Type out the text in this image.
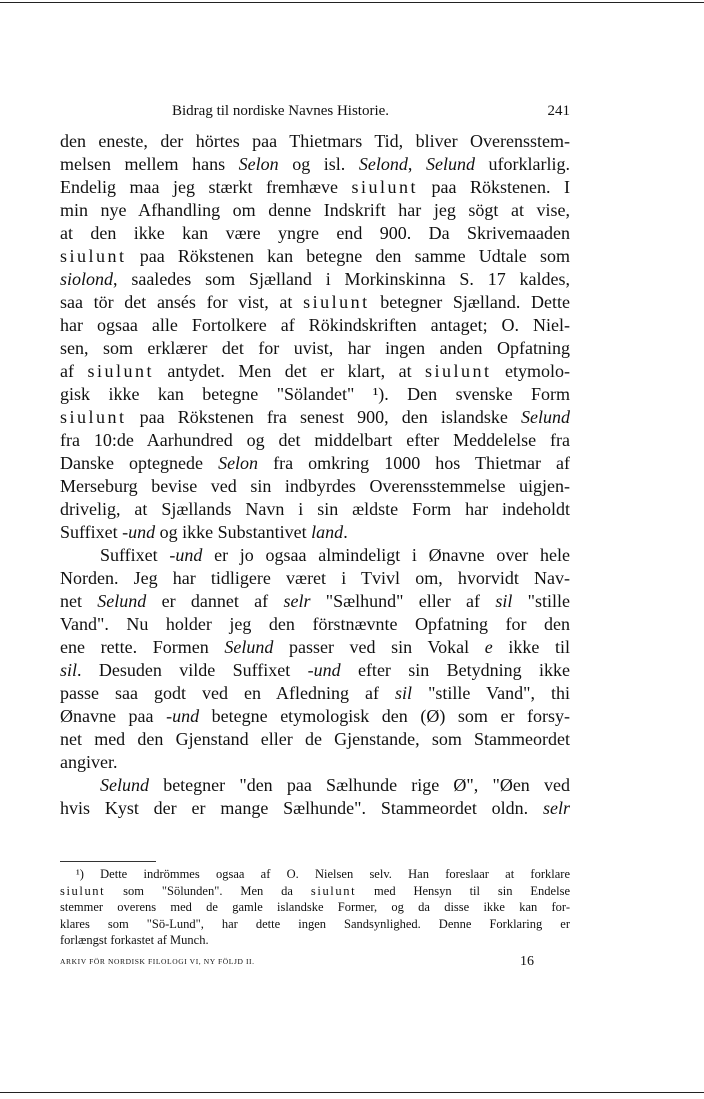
Bidrag til nordiske Navnes Historie.	241
den eneste, der hörtes paa Thietmars Tid, bliver Overensstem-
melsen mellem hans Selon og isl. Selond, Selund uforklarlig.
Endelig maa jeg stærkt fremhæve siulunt paa Rökstenen. I
min nye Afhandling om denne Indskrift har jeg sögt at vise,
at den ikke kan være yngre end 900. Da Skrivemaaden
siulunt paa Rökstenen kan betegne den samme Udtale som
siolond, saaledes som Sjælland i Morkinskinna S. 17 kaldes,
saa tör det ansés for vist, at siulunt betegner Sjælland. Dette
har ogsaa alle Fortolkere af Rökindskriften antaget; O. Niel-
sen, som erklærer det for uvist, har ingen anden Opfatning
af siulunt antydet. Men det er klart, at siulunt etymolo-
gisk ikke kan betegne "Sölandet" ¹). Den svenske Form
siulunt paa Rökstenen fra senest 900, den islandske Selund
fra 10:de Aarhundred og det middelbart efter Meddelelse fra
Danske optegnede Selon fra omkring 1000 hos Thietmar af
Merseburg bevise ved sin indbyrdes Overensstemmelse uigjen-
drivelig, at Sjællands Navn i sin ældste Form har indeholdt
Suffixet -und og ikke Substantivet land.
Suffixet -und er jo ogsaa almindeligt i Ønavne over hele
Norden. Jeg har tidligere været i Tvivl om, hvorvidt Nav-
net Selund er dannet af selr "Sælhund" eller af sil "stille
Vand". Nu holder jeg den förstnævnte Opfatning for den
ene rette. Formen Selund passer ved sin Vokal e ikke til
sil. Desuden vilde Suffixet -und efter sin Betydning ikke
passe saa godt ved en Afledning af sil "stille Vand", thi
Ønavne paa -und betegne etymologisk den (Ø) som er forsy-
net med den Gjenstand eller de Gjenstande, som Stammeordet
angiver.
Selund betegner "den paa Sælhunde rige Ø", "Øen ved
hvis Kyst der er mange Sælhunde". Stammeordet oldn. selr
¹) Dette indrömmes ogsaa af O. Nielsen selv. Han foreslaar at forklare
siulunt som "Sölunden". Men da siulunt med Hensyn til sin Endelse
stemmer overens med de gamle islandske Former, og da disse ikke kan for-
klares som "Sö-Lund", har dette ingen Sandsynlighed. Denne Forklaring er
forlængst forkastet af Munch.
ARKIV FÖR NORDISK FILOLOGI VI, NY FÖLJD II.	16
